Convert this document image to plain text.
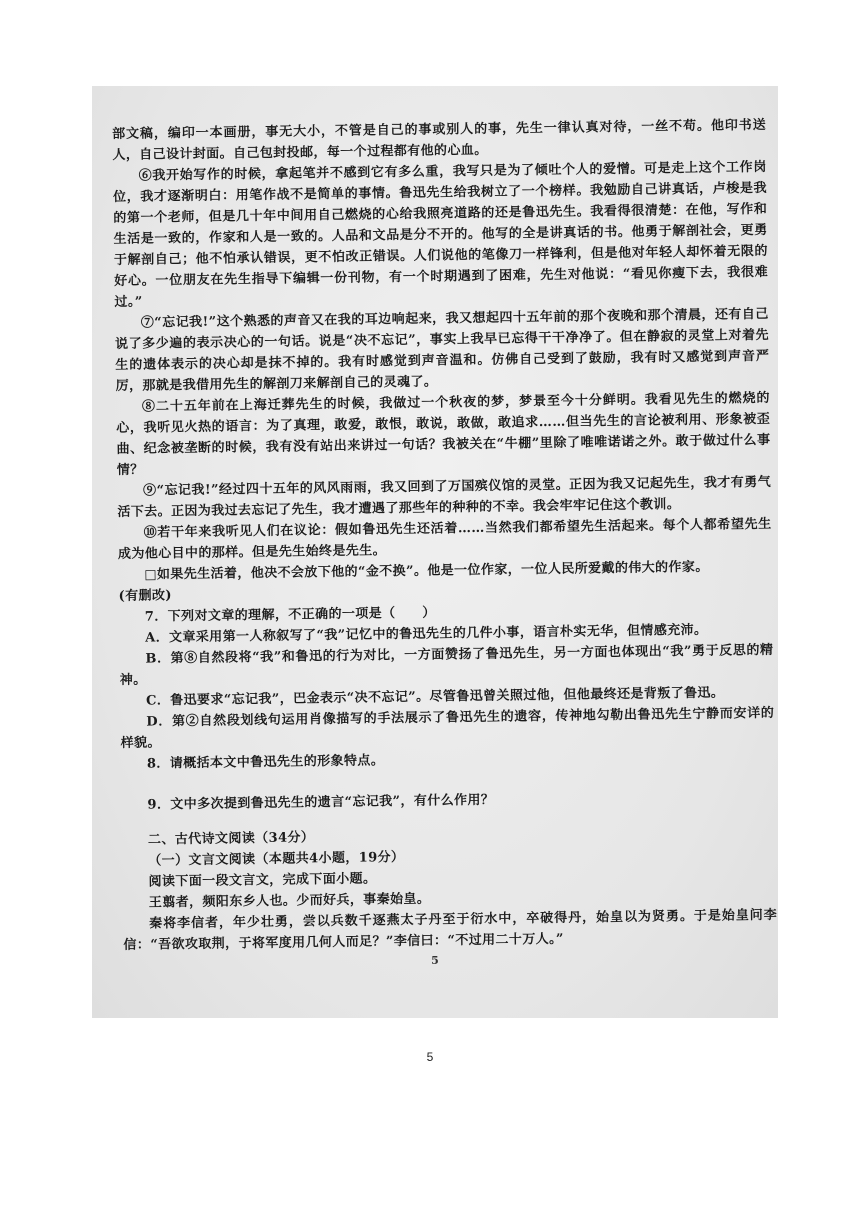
部文稿，编印一本画册，事无大小，不管是自己的事或别人的事，先生一律认真对待，一丝不苟。他印书送人，自己设计封面。自己包封投邮，每一个过程都有他的心血。

⑥我开始写作的时候，拿起笔并不感到它有多么重，我写只是为了倾吐个人的爱憎。可是走上这个工作岗位，我才逐渐明白：用笔作战不是简单的事情。鲁迅先生给我树立了一个榜样。我勉励自己讲真话，卢梭是我的第一个老师，但是几十年中间用自己燃烧的心给我照亮道路的还是鲁迅先生。我看得很清楚：在他，写作和生活是一致的，作家和人是一致的。人品和文品是分不开的。他写的全是讲真话的书。他勇于解剖社会，更勇于解剖自己；他不怕承认错误，更不怕改正错误。人们说他的笔像刀一样锋利，但是他对年轻人却怀着无限的好心。一位朋友在先生指导下编辑一份刊物，有一个时期遇到了困难，先生对他说：“看见你瘦下去，我很难过。”

⑦“忘记我!”这个熟悉的声音又在我的耳边响起来，我又想起四十五年前的那个夜晚和那个清晨，还有自己说了多少遍的表示决心的一句话。说是“决不忘记”，事实上我早已忘得干干净净了。但在静寂的灵堂上对着先生的遗体表示的决心却是抹不掉的。我有时感觉到声音温和。仿佛自己受到了鼓励，我有时又感觉到声音严厉，那就是我借用先生的解剖刀来解剖自己的灵魂了。

⑧二十五年前在上海迁葬先生的时候，我做过一个秋夜的梦，梦景至今十分鲜明。我看见先生的燃烧的心，我听见火热的语言：为了真理，敢爱，敢恨，敢说，敢做，敢追求……但当先生的言论被利用、形象被歪曲、纪念被垄断的时候，我有没有站出来讲过一句话？我被关在“牛棚”里除了唯唯诺诺之外。敢于做过什么事情？

⑨“忘记我!”经过四十五年的风风雨雨，我又回到了万国殡仪馆的灵堂。正因为我又记起先生，我才有勇气活下去。正因为我过去忘记了先生，我才遭遇了那些年的种种的不幸。我会牢牢记住这个教训。

⑩若干年来我听见人们在议论：假如鲁迅先生还活着……当然我们都希望先生活起来。每个人都希望先生成为他心目中的那样。但是先生始终是先生。

□如果先生活着，他决不会放下他的“金不换”。他是一位作家，一位人民所爱戴的伟大的作家。

(有删改)

7．下列对文章的理解，不正确的一项是（　　）

A．文章采用第一人称叙写了“我”记忆中的鲁迅先生的几件小事，语言朴实无华，但情感充沛。

B．第⑧自然段将“我”和鲁迅的行为对比，一方面赞扬了鲁迅先生，另一方面也体现出“我”勇于反思的精神。

C．鲁迅要求“忘记我”，巴金表示“决不忘记”。尽管鲁迅曾关照过他，但他最终还是背叛了鲁迅。

D．第②自然段划线句运用肖像描写的手法展示了鲁迅先生的遗容，传神地勾勒出鲁迅先生宁静而安详的样貌。

8．请概括本文中鲁迅先生的形象特点。

9．文中多次提到鲁迅先生的遗言“忘记我”，有什么作用？

二、古代诗文阅读（34分）

（一）文言文阅读（本题共4小题，19分）

阅读下面一段文言文，完成下面小题。

王翦者，频阳东乡人也。少而好兵，事秦始皇。

秦将李信者，年少壮勇，尝以兵数千逐燕太子丹至于衍水中，卒破得丹，始皇以为贤勇。于是始皇问李信：“吾欲攻取荆，于将军度用几何人而足？”李信曰：“不过用二十万人。”

5
5
